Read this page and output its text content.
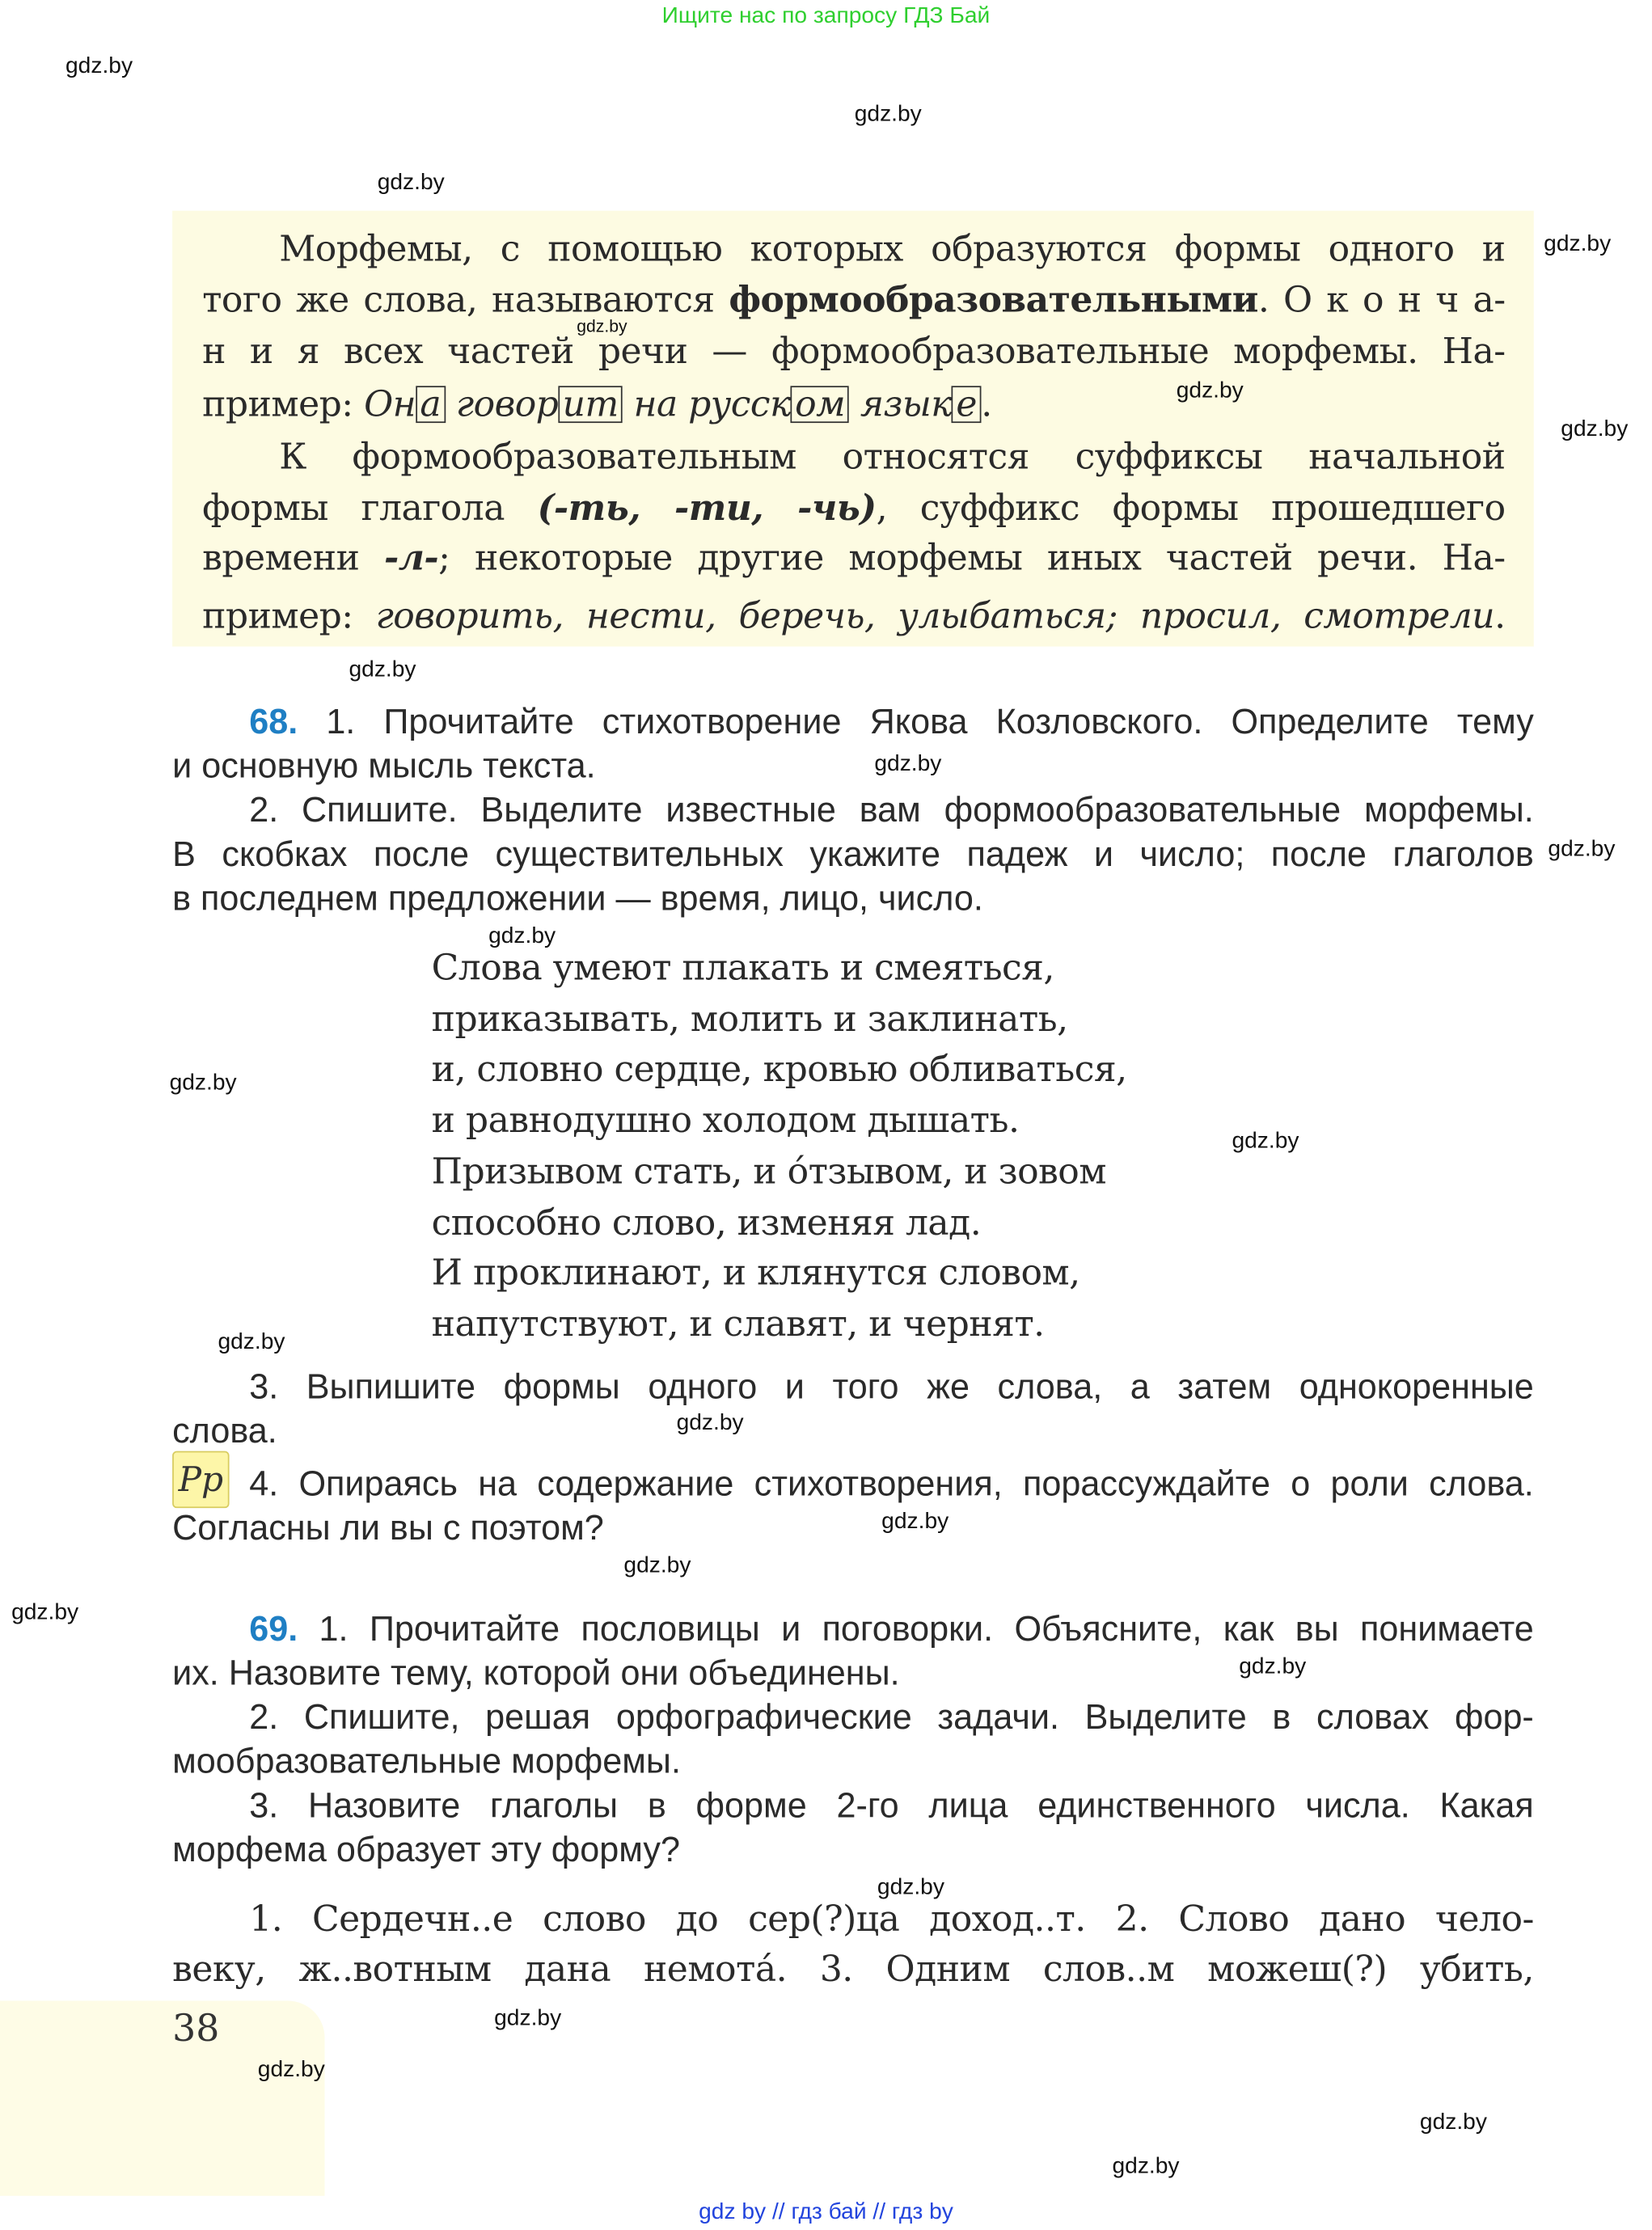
Ищите нас по запросу ГДЗ Бай
Морфемы, с помощью которых образуются формы одного и
того же слова, называются формообразовательными. О к о н ч а-
н и я всех частей речи — формообразовательные морфемы. На-
пример: Он а говор ит на русск ом язык е .
К формообразовательным относятся суффиксы начальной
формы глагола (-ть, -ти, -чь), суффикс формы прошедшего
времени -л-; некоторые другие морфемы иных частей речи. На-
пример: говорить, нести, беречь, улыбаться; просил, смотрели.
68. 1. Прочитайте стихотворение Якова Козловского. Определите тему
и основную мысль текста.
2. Спишите. Выделите известные вам формообразовательные морфемы.
В скобках после существительных укажите падеж и число; после глаголов
в последнем предложении — время, лицо, число.
Слова умеют плакать и смеяться,
приказывать, молить и заклинать,
и, словно сердце, кровью обливаться,
и равнодушно холодом дышать.
Призывом стать, и о́тзывом, и зовом
способно слово, изменяя лад.
И проклинают, и клянутся словом,
напутствуют, и славят, и чернят.
3. Выпишите формы одного и того же слова, а затем однокоренные
слова.
4. Опираясь на содержание стихотворения, порассуждайте о роли слова.
Согласны ли вы с поэтом?
69. 1. Прочитайте пословицы и поговорки. Объясните, как вы понимаете
их. Назовите тему, которой они объединены.
2. Спишите, решая орфографические задачи. Выделите в словах фор-
мообразовательные морфемы.
3. Назовите глаголы в форме 2-го лица единственного числа. Какая
морфема образует эту форму?
1. Сердечн..е слово до сер(?)ца доход..т. 2. Слово дано чело-
веку, ж..вотным дана немота́. 3. Одним слов..м можеш(?) убить,
Рр
38
gdz.by
gdz.by
gdz.by
gdz.by
gdz.by
gdz.by
gdz.by
gdz.by
gdz.by
gdz.by
gdz.by
gdz.by
gdz.by
gdz.by
gdz.by
gdz.by
gdz.by
gdz.by
gdz.by
gdz.by
gdz.by
gdz.by
gdz.by
gdz.by
gdz by // гдз бай // гдз by
